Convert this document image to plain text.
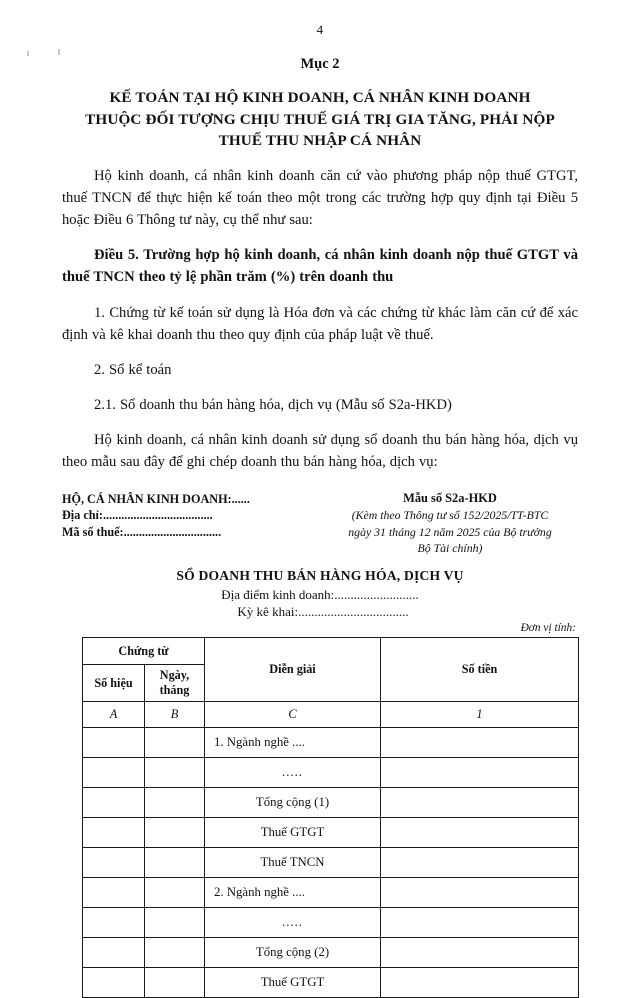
4
Mục 2
KẾ TOÁN TẠI HỘ KINH DOANH, CÁ NHÂN KINH DOANH
THUỘC ĐỐI TƯỢNG CHỊU THUẾ GIÁ TRỊ GIA TĂNG, PHẢI NỘP
THUẾ THU NHẬP CÁ NHÂN

Hộ kinh doanh, cá nhân kinh doanh căn cứ vào phương pháp nộp thuế GTGT, thuế TNCN để thực hiện kế toán theo một trong các trường hợp quy định tại Điều 5 hoặc Điều 6 Thông tư này, cụ thể như sau:

Điều 5. Trường hợp hộ kinh doanh, cá nhân kinh doanh nộp thuế GTGT và thuế TNCN theo tỷ lệ phần trăm (%) trên doanh thu

1. Chứng từ kế toán sử dụng là Hóa đơn và các chứng từ khác làm căn cứ để xác định và kê khai doanh thu theo quy định của pháp luật về thuế.

2. Sổ kế toán

2.1. Sổ doanh thu bán hàng hóa, dịch vụ (Mẫu số S2a-HKD)

Hộ kinh doanh, cá nhân kinh doanh sử dụng sổ doanh thu bán hàng hóa, dịch vụ theo mẫu sau đây để ghi chép doanh thu bán hàng hóa, dịch vụ:

HỘ, CÁ NHÂN KINH DOANH:......
Địa chỉ:....................................
Mã số thuế:................................
Mẫu số S2a-HKD
(Kèm theo Thông tư số 152/2025/TT-BTC
ngày 31 tháng 12 năm 2025 của Bộ trưởng
Bộ Tài chính)
SỔ DOANH THU BÁN HÀNG HÓA, DỊCH VỤ
Địa điểm kinh doanh:..........................
Kỳ kê khai:..................................
Đơn vị tính:
Chứng từ		Diễn giải	Số tiền
Số hiệu	Ngày, tháng		
A	B	C	1
		1. Ngành nghề ....	
		.....	
		Tổng cộng (1)	
		Thuế GTGT	
		Thuế TNCN	
		2. Ngành nghề ....	
		.....	
		Tổng cộng (2)	
		Thuế GTGT	
